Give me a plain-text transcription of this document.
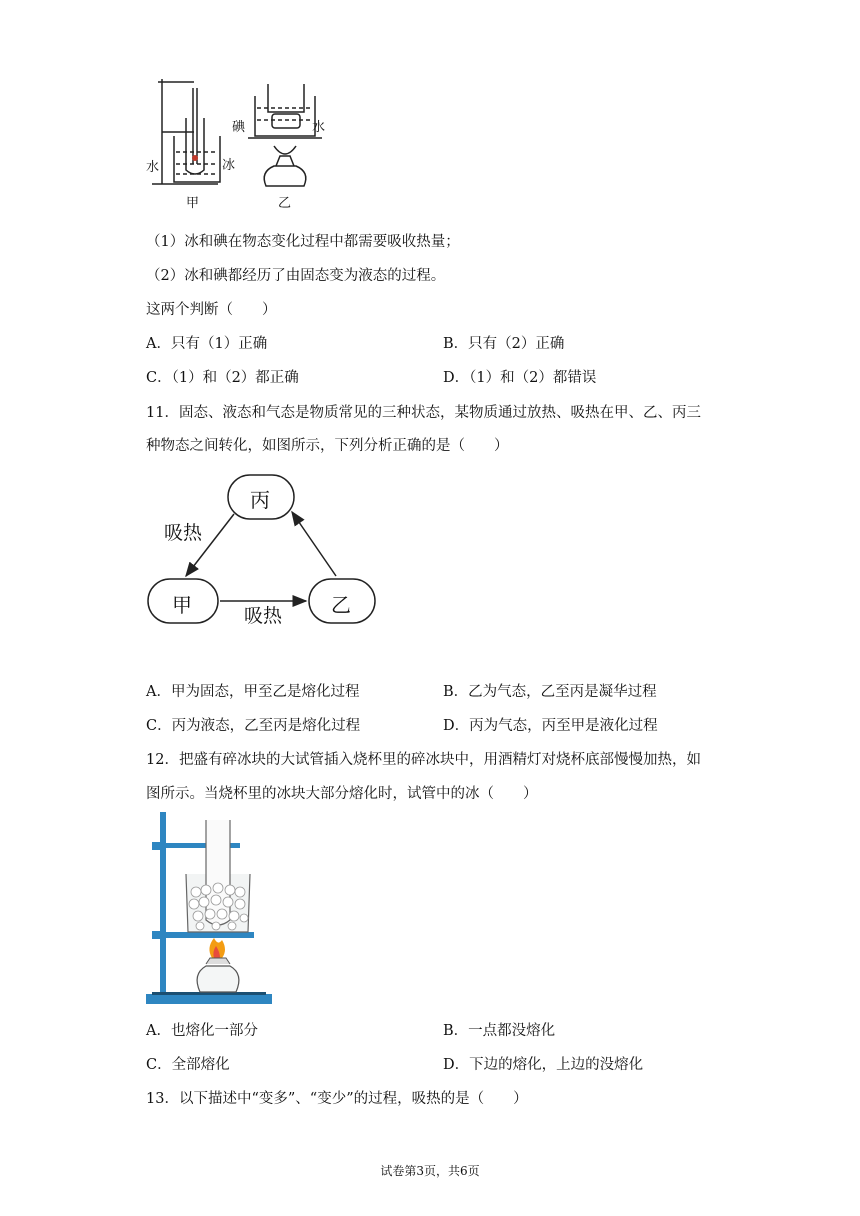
甲	乙
水	冰
碘	水
（1）冰和碘在物态变化过程中都需要吸收热量；
（2）冰和碘都经历了由固态变为液态的过程。
这两个判断（　　）
A．只有（1）正确	B．只有（2）正确
C．（1）和（2）都正确	D．（1）和（2）都错误
11．固态、液态和气态是物质常见的三种状态，某物质通过放热、吸热在甲、乙、丙三
种物态之间转化，如图所示，下列分析正确的是（　　）
丙
甲	乙
吸热
吸热
A．甲为固态，甲至乙是熔化过程	B．乙为气态，乙至丙是凝华过程
C．丙为液态，乙至丙是熔化过程	D．丙为气态，丙至甲是液化过程
12．把盛有碎冰块的大试管插入烧杯里的碎冰块中，用酒精灯对烧杯底部慢慢加热，如
图所示。当烧杯里的冰块大部分熔化时，试管中的冰（　　）
A．也熔化一部分	B．一点都没熔化
C．全部熔化	D．下边的熔化，上边的没熔化
13．以下描述中“变多”、“变少”的过程，吸热的是（　　）
试卷第3页，共6页
